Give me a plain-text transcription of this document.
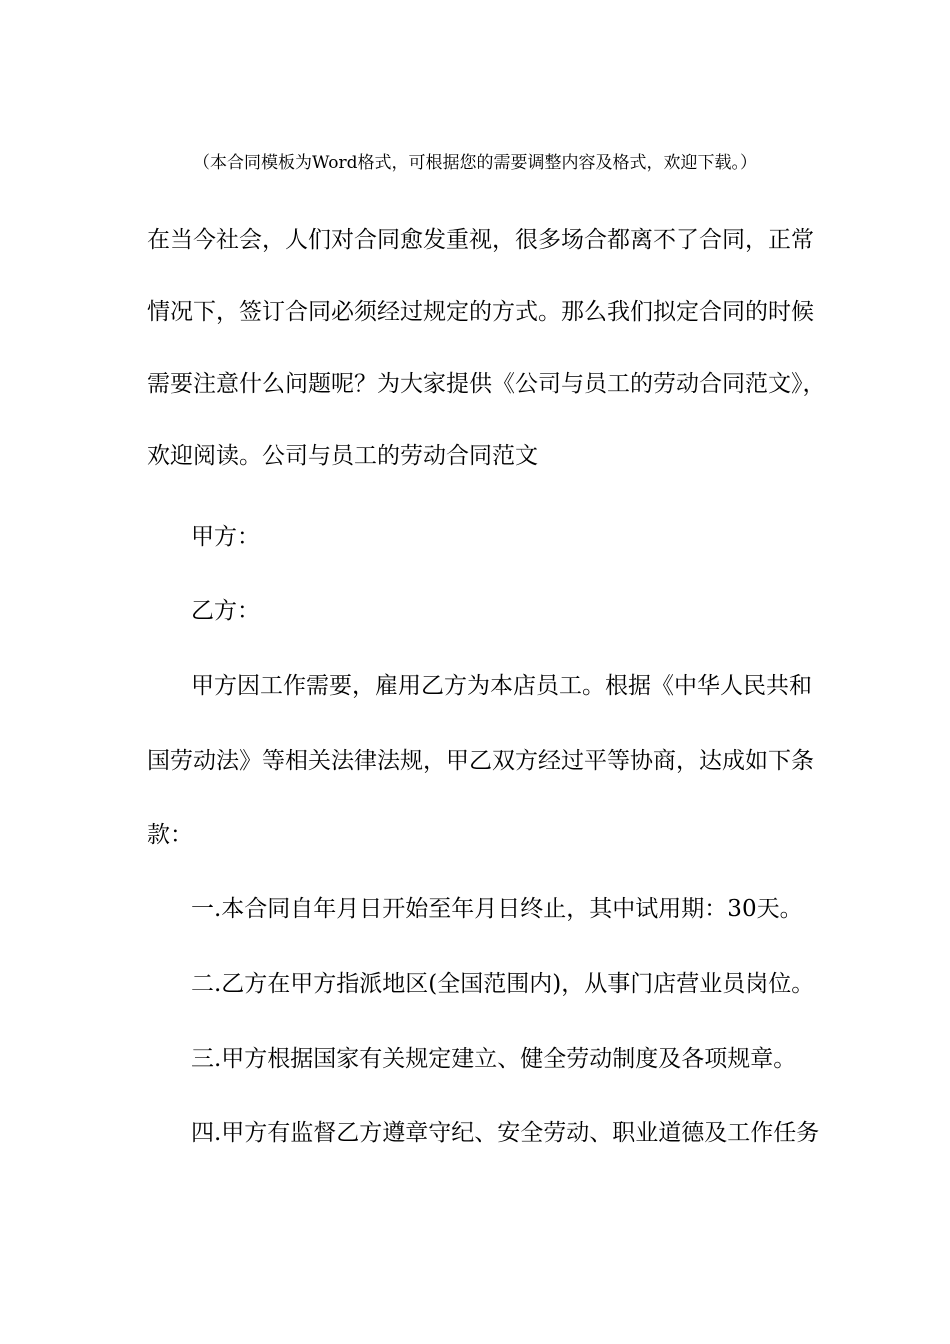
（本合同模板为Word格式，可根据您的需要调整内容及格式，欢迎下载。）
在当今社会，人们对合同愈发重视，很多场合都离不了合同，正常
情况下，签订合同必须经过规定的方式。那么我们拟定合同的时候
需要注意什么问题呢？为大家提供《公司与员工的劳动合同范文》，
欢迎阅读。公司与员工的劳动合同范文
甲方：
乙方：
甲方因工作需要，雇用乙方为本店员工。根据《中华人民共和
国劳动法》等相关法律法规，甲乙双方经过平等协商，达成如下条
款：
一.本合同自年月日开始至年月日终止，其中试用期：30天。
二.乙方在甲方指派地区(全国范围内)，从事门店营业员岗位。
三.甲方根据国家有关规定建立、健全劳动制度及各项规章。
四.甲方有监督乙方遵章守纪、安全劳动、职业道德及工作任务
